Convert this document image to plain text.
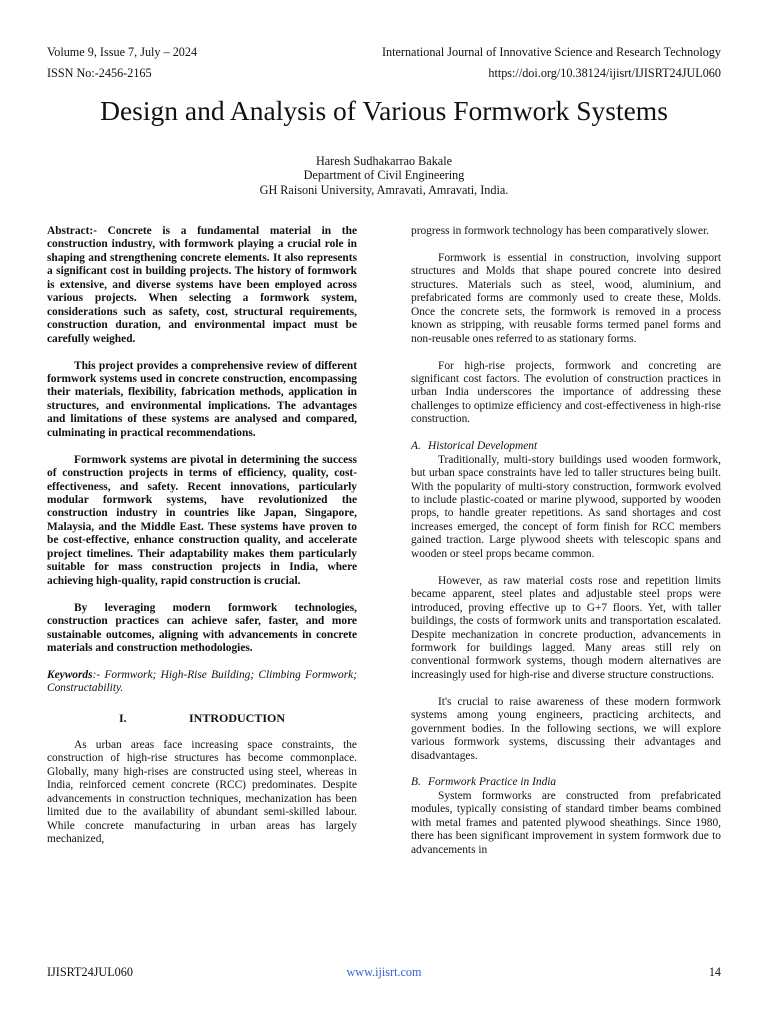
Volume 9, Issue 7, July – 2024
ISSN No:-2456-2165
International Journal of Innovative Science and Research Technology
https://doi.org/10.38124/ijisrt/IJISRT24JUL060
Design and Analysis of Various Formwork Systems
Haresh Sudhakarrao Bakale
Department of Civil Engineering
GH Raisoni University, Amravati, Amravati, India.

Abstract:- Concrete is a fundamental material in the construction industry, with formwork playing a crucial role in shaping and strengthening concrete elements. It also represents a significant cost in building projects. The history of formwork is extensive, and diverse systems have been employed across various projects. When selecting a formwork system, considerations such as safety, cost, structural requirements, construction duration, and environmental impact must be carefully weighed.

This project provides a comprehensive review of different formwork systems used in concrete construction, encompassing their materials, flexibility, fabrication methods, application in structures, and environmental implications. The advantages and limitations of these systems are analysed and compared, culminating in practical recommendations.

Formwork systems are pivotal in determining the success of construction projects in terms of efficiency, quality, cost-effectiveness, and safety. Recent innovations, particularly modular formwork systems, have revolutionized the construction industry in countries like Japan, Singapore, Malaysia, and the Middle East. These systems have proven to be cost-effective, enhance construction quality, and accelerate project timelines. Their adaptability makes them particularly suitable for mass construction projects in India, where achieving high-quality, rapid construction is crucial.

By leveraging modern formwork technologies, construction practices can achieve safer, faster, and more sustainable outcomes, aligning with advancements in concrete materials and construction methodologies.

Keywords:- Formwork; High-Rise Building; Climbing Formwork; Constructability.

I.	INTRODUCTION

As urban areas face increasing space constraints, the construction of high-rise structures has become commonplace. Globally, many high-rises are constructed using steel, whereas in India, reinforced cement concrete (RCC) predominates. Despite advancements in construction techniques, mechanization has been limited due to the availability of abundant semi-skilled labour. While concrete manufacturing in urban areas has largely mechanized,

progress in formwork technology has been comparatively slower.

Formwork is essential in construction, involving support structures and Molds that shape poured concrete into desired structures. Materials such as steel, wood, aluminium, and prefabricated forms are commonly used to create these, Molds. Once the concrete sets, the formwork is removed in a process known as stripping, with reusable forms termed panel forms and non-reusable ones referred to as stationary forms.

For high-rise projects, formwork and concreting are significant cost factors. The evolution of construction practices in urban India underscores the importance of addressing these challenges to optimize efficiency and cost-effectiveness in high-rise construction.

A. Historical Development

Traditionally, multi-story buildings used wooden formwork, but urban space constraints have led to taller structures being built. With the popularity of multi-story construction, formwork evolved to include plastic-coated or marine plywood, supported by wooden props, to handle greater repetitions. As sand shortages and cost increases emerged, the concept of form finish for RCC members gained traction. Large plywood sheets with telescopic spans and wooden or steel props became common.

However, as raw material costs rose and repetition limits became apparent, steel plates and adjustable steel props were introduced, proving effective up to G+7 floors. Yet, with taller buildings, the costs of formwork units and transportation escalated. Despite mechanization in concrete production, advancements in formwork for buildings lagged. Many areas still rely on conventional formwork systems, though modern alternatives are increasingly used for high-rise and diverse structure constructions.

It's crucial to raise awareness of these modern formwork systems among young engineers, practicing architects, and government bodies. In the following sections, we will explore various formwork systems, discussing their advantages and disadvantages.

B. Formwork Practice in India

System formworks are constructed from prefabricated modules, typically consisting of standard timber beams combined with metal frames and patented plywood sheathings. Since 1980, there has been significant improvement in system formwork due to advancements in

IJISRT24JUL060	www.ijisrt.com	14
